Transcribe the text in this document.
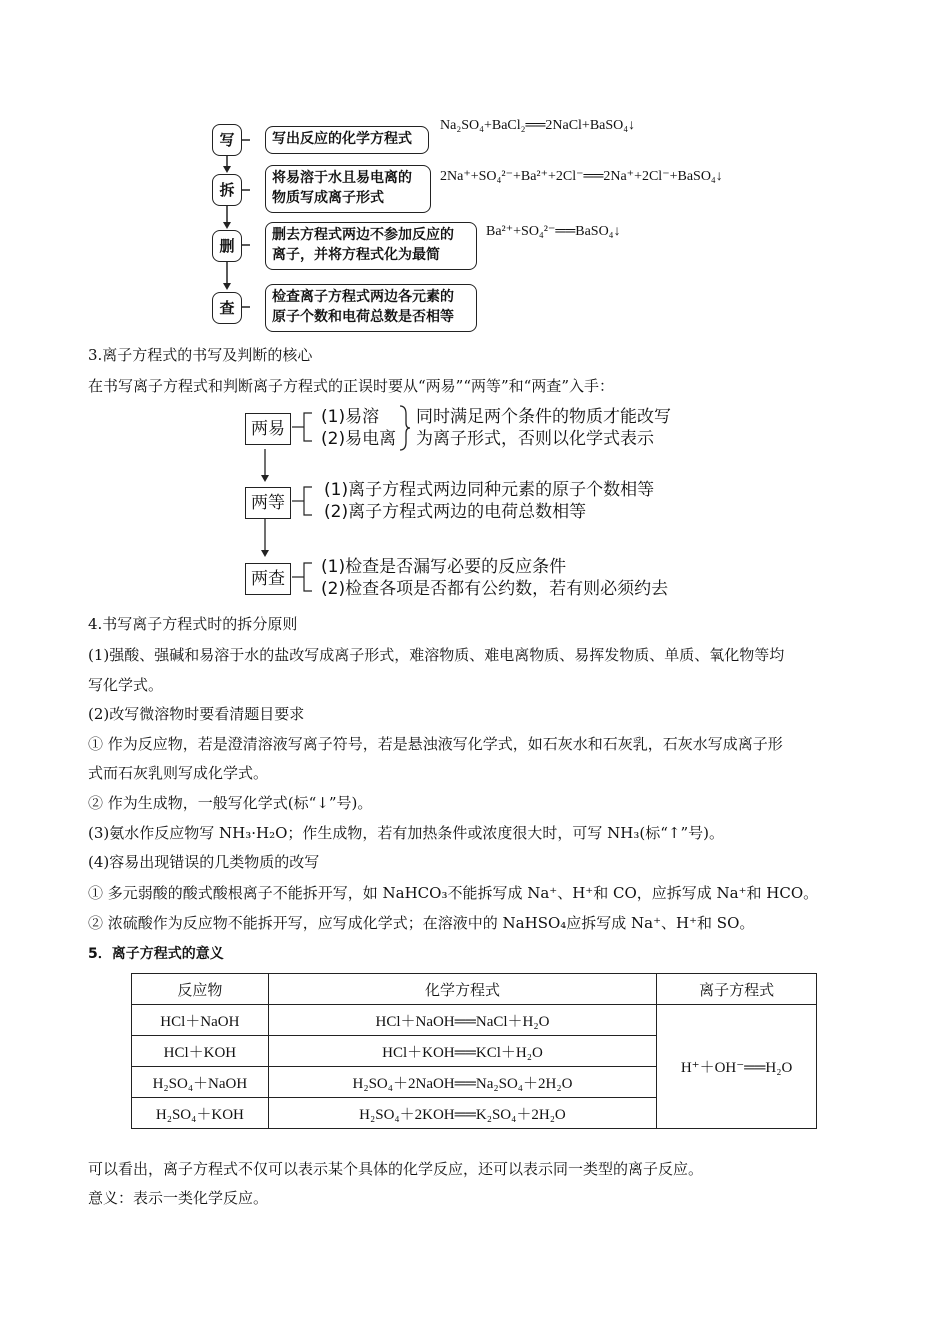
写	写出反应的化学方程式
Na₂SO₄+BaCl₂══2NaCl+BaSO₄↓
拆
将易溶于水且易电离的
物质写成离子形式
2Na⁺+SO₄²⁻+Ba²⁺+2Cl⁻══2Na⁺+2Cl⁻+BaSO₄↓
删
删去方程式两边不参加反应的
离子，并将方程式化为最简
Ba²⁺+SO₄²⁻══BaSO₄↓
查
检查离子方程式两边各元素的
原子个数和电荷总数是否相等
3.离子方程式的书写及判断的核心
在书写离子方程式和判断离子方程式的正误时要从“两易”“两等”和“两查”入手：
两易
(1)易溶
(2)易电离
同时满足两个条件的物质才能改写
为离子形式，否则以化学式表示
两等
(1)离子方程式两边同种元素的原子个数相等
(2)离子方程式两边的电荷总数相等
两查
(1)检查是否漏写必要的反应条件
(2)检查各项是否都有公约数，若有则必须约去
4.书写离子方程式时的拆分原则
(1)强酸、强碱和易溶于水的盐改写成离子形式，难溶物质、难电离物质、易挥发物质、单质、氧化物等均
写化学式。
(2)改写微溶物时要看清题目要求
① 作为反应物，若是澄清溶液写离子符号，若是悬浊液写化学式，如石灰水和石灰乳，石灰水写成离子形
式而石灰乳则写成化学式。
② 作为生成物，一般写化学式(标“↓”号)。
(3)氨水作反应物写 NH₃·H₂O；作生成物，若有加热条件或浓度很大时，可写 NH₃(标“↑”号)。
(4)容易出现错误的几类物质的改写
① 多元弱酸的酸式酸根离子不能拆开写，如 NaHCO₃不能拆写成 Na⁺、H⁺和 CO，应拆写成 Na⁺和 HCO。
② 浓硫酸作为反应物不能拆开写，应写成化学式；在溶液中的 NaHSO₄应拆写成 Na⁺、H⁺和 SO。
5．离子方程式的意义
反应物	化学方程式	离子方程式
HCl＋NaOH	HCl＋NaOH══NaCl＋H₂O	H⁺＋OH⁻══H₂O
HCl＋KOH	HCl＋KOH══KCl＋H₂O	
H₂SO₄＋NaOH	H₂SO₄＋2NaOH══Na₂SO₄＋2H₂O	
H₂SO₄＋KOH	H₂SO₄＋2KOH══K₂SO₄＋2H₂O	
可以看出，离子方程式不仅可以表示某个具体的化学反应，还可以表示同一类型的离子反应。
意义：表示一类化学反应。
